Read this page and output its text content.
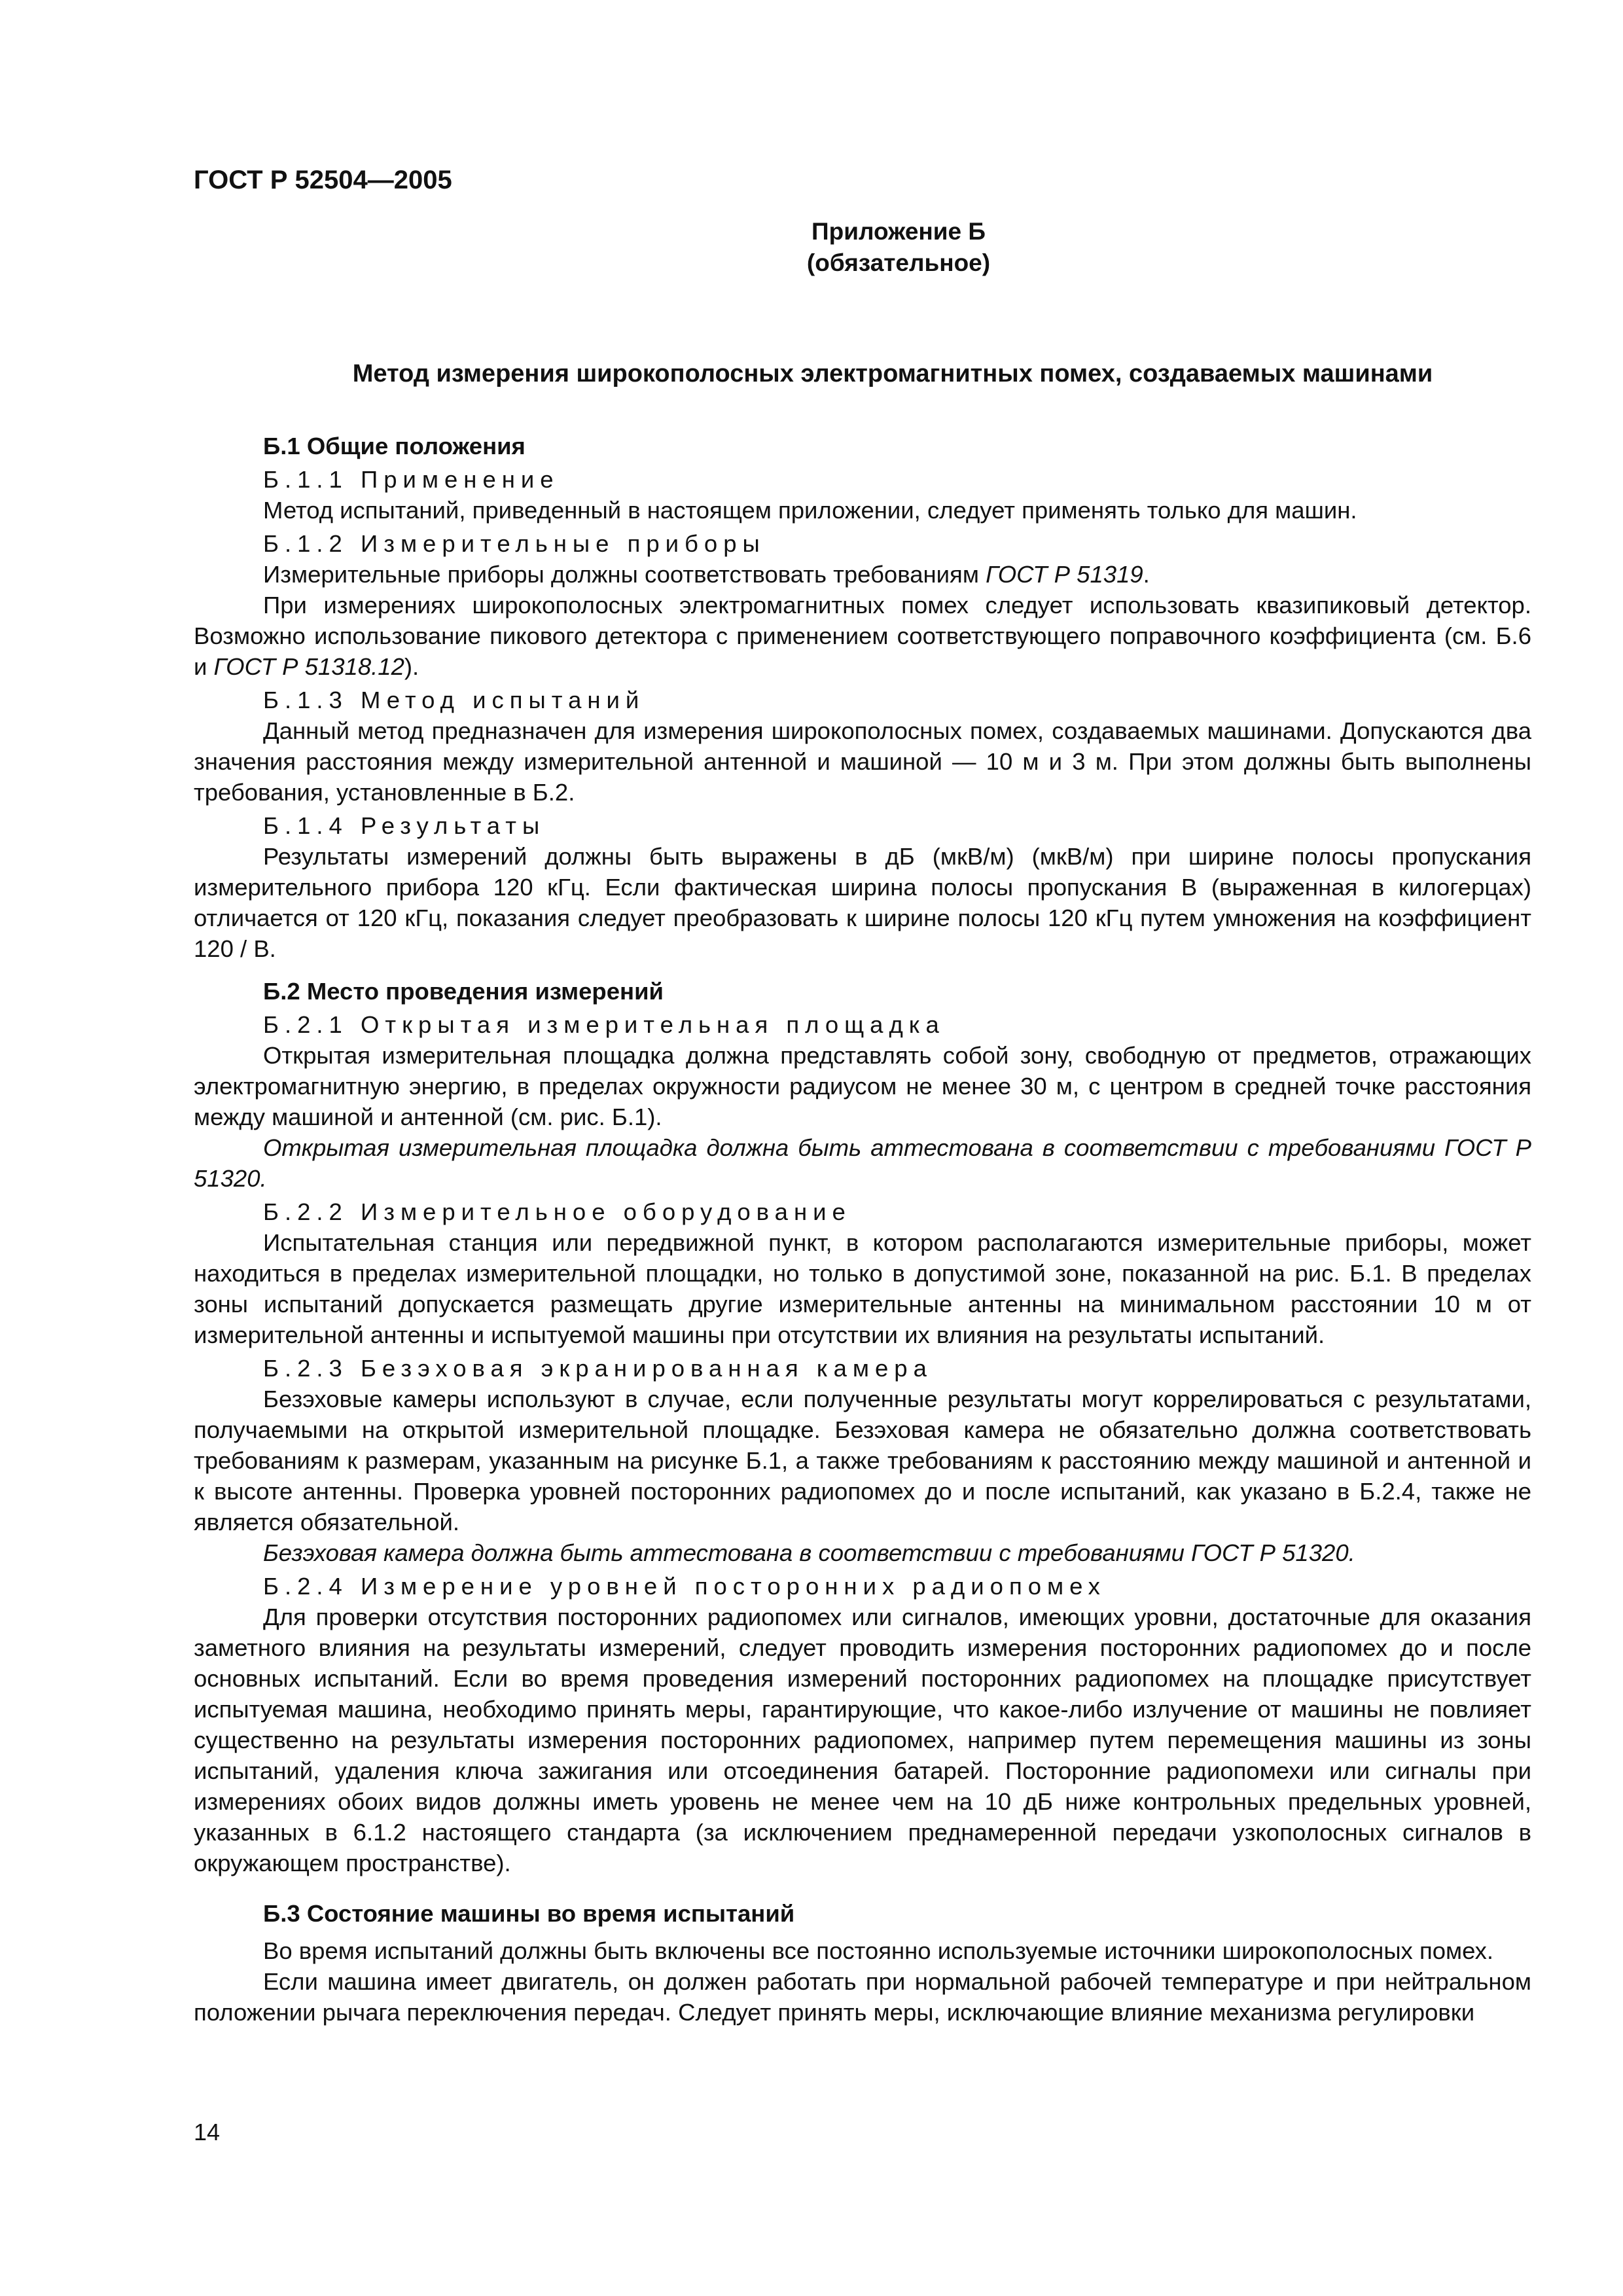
ГОСТ Р 52504—2005
Приложение Б
(обязательное)
Метод измерения широкополосных электромагнитных помех, создаваемых машинами
Б.1 Общие положения
Б.1.1 Применение

Метод испытаний, приведенный в настоящем приложении, следует применять только для машин.

Б.1.2 Измерительные приборы

Измерительные приборы должны соответствовать требованиям ГОСТ Р 51319.

При измерениях широкополосных электромагнитных помех следует использовать квазипиковый детектор. Возможно использование пикового детектора с применением соответствующего поправочного коэффициента (см. Б.6 и ГОСТ Р 51318.12).

Б.1.3 Метод испытаний

Данный метод предназначен для измерения широкополосных помех, создаваемых машинами. Допускаются два значения расстояния между измерительной антенной и машиной — 10 м и 3 м. При этом должны быть выполнены требования, установленные в Б.2.

Б.1.4 Результаты

Результаты измерений должны быть выражены в дБ (мкВ/м) (мкВ/м) при ширине полосы пропускания измерительного прибора 120 кГц. Если фактическая ширина полосы пропускания В (выраженная в килогерцах) отличается от 120 кГц, показания следует преобразовать к ширине полосы 120 кГц путем умножения на коэффициент 120 / В.

Б.2 Место проведения измерений
Б.2.1 Открытая измерительная площадка

Открытая измерительная площадка должна представлять собой зону, свободную от предметов, отражающих электромагнитную энергию, в пределах окружности радиусом не менее 30 м, с центром в средней точке расстояния между машиной и антенной (см. рис. Б.1).

Открытая измерительная площадка должна быть аттестована в соответствии с требованиями ГОСТ Р 51320.

Б.2.2 Измерительное оборудование

Испытательная станция или передвижной пункт, в котором располагаются измерительные приборы, может находиться в пределах измерительной площадки, но только в допустимой зоне, показанной на рис. Б.1. В пределах зоны испытаний допускается размещать другие измерительные антенны на минимальном расстоянии 10 м от измерительной антенны и испытуемой машины при отсутствии их влияния на результаты испытаний.

Б.2.3 Безэховая экранированная камера

Безэховые камеры используют в случае, если полученные результаты могут коррелироваться с результатами, получаемыми на открытой измерительной площадке. Безэховая камера не обязательно должна соответствовать требованиям к размерам, указанным на рисунке Б.1, а также требованиям к расстоянию между машиной и антенной и к высоте антенны. Проверка уровней посторонних радиопомех до и после испытаний, как указано в Б.2.4, также не является обязательной.

Безэховая камера должна быть аттестована в соответствии с требованиями ГОСТ Р 51320.

Б.2.4 Измерение уровней посторонних радиопомех

Для проверки отсутствия посторонних радиопомех или сигналов, имеющих уровни, достаточные для оказания заметного влияния на результаты измерений, следует проводить измерения посторонних радиопомех до и после основных испытаний. Если во время проведения измерений посторонних радиопомех на площадке присутствует испытуемая машина, необходимо принять меры, гарантирующие, что какое-либо излучение от машины не повлияет существенно на результаты измерения посторонних радиопомех, например путем перемещения машины из зоны испытаний, удаления ключа зажигания или отсоединения батарей. Посторонние радиопомехи или сигналы при измерениях обоих видов должны иметь уровень не менее чем на 10 дБ ниже контрольных предельных уровней, указанных в 6.1.2 настоящего стандарта (за исключением преднамеренной передачи узкополосных сигналов в окружающем пространстве).

Б.3 Состояние машины во время испытаний

Во время испытаний должны быть включены все постоянно используемые источники широкополосных помех.

Если машина имеет двигатель, он должен работать при нормальной рабочей температуре и при нейтральном положении рычага переключения передач. Следует принять меры, исключающие влияние механизма регулировки

14
